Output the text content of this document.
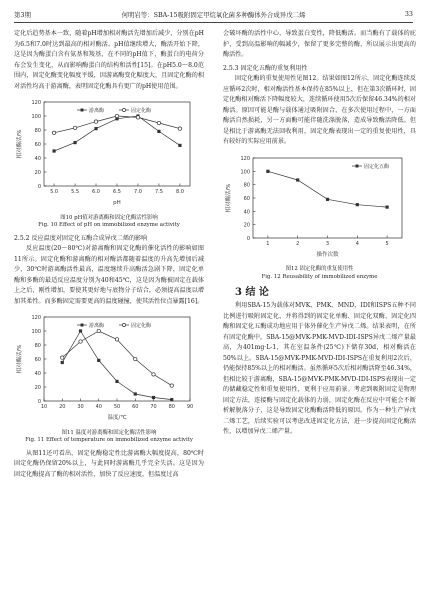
第3期	何明岩等：SBA-15吸附固定甲烷氧化菌多种酶体外合成异戊二烯	33

定化后趋势基本一致，随着pH增加相对酶活先增加后减少，分别在pH为6.5和7.0时达到最高的相对酶活。pH值继续增大，酶活开始下降，这是因为酶蛋白含有氨基和羧基，在不同的pH值下，酶蛋白的电荷分布会发生变化，从而影响酶蛋白的结构和活性[15]。在pH5.0～8.0范围内，固定化酶变化幅度平缓，因游离酶变化幅度大，且固定化酶的相对活性均高于游离酶，表明固定化酶具有更广的pH使用范围。

0
20
40
60
80
100
120
5.0	5.5	6.0	6.5	7.0	7.5	8.0
pH
相对酶活/%
游离酶	固定化酶
图10 pH值对游离酶和固定化酶活性影响
Fig. 10 Effect of pH on immobilized enzyme activity

2.5.2 反应温度对固定化五酶合成异戊二烯的影响

反应温度(20～80℃)对游离酶和固定化酶的催化活性的影响如图11所示。固定化酶和游离酶的相对酶活都随着温度的升高先增加后减少，30℃时游离酶活性最高，温度继续升高酶活急剧下降，固定化单酶和多酶的最适反应温度分别为40和45℃，这是因为酶被固定在载体上之后，刚性增加，要使其更好地与底物分子结合，必须提高温度以增加其柔性。而多酶固定需要更高的温度碰撞，使其活性位点暴露[16]。

0
20
40
60
80
100
120
10 20 30 40 50 60 70 80 90
温度/℃
相对酶活/%
游离酶	固定化酶
图11 温度对游离酶和固定化酶活性影响
Fig. 11 Effect of temperature on immobilized enzyme activity

从图11还可看出，固定化酶稳定性比游离酶大幅度提高，80℃时固定化酶仍保留20%以上，与此同时游离酶几乎完全失活。这是因为固定化酶提高了酶的相对活性，加快了反应速度，但温度过高

会破坏酶的活性中心，导致蛋白变性，降低酶活。而当酶有了载体的庇护，受到高温影响的幅减少，保留了更多完整的酶，所以展示出更高的酶活性。

2.5.3 固定化五酶的重复利用性

固定化酶的重复使用性见图12。结果如图12所示，固定化酶连续反应循环2次时，相对酶活性基本保持在85%以上，但在第3次循环时，固定化酶相对酶活下降幅度较大，连续循环使用5次后保留46.34%的相对酶活。原因可能是酶与载体通过吸附固合，在多次使用过程中，一方面酶活自然损耗，另一方面酶可能伴随洗涤脱落，造成导致酶活降低。但是相比于游离酶无法回收利用，固定化酶表现出一定的重复使用性，具有较好的实际应用前景。

0
20
40
60
80
100
120
1	2	3	4	5
操作次数
相对酶活/%
固定化五酶
图12 固定化酶的重复使用性
Fig. 12 Reusability of immobilized enzyme

3 结 论

利用SBA-15为载体对MVK、PMK、MND、IDI和ISPS五种不同比例进行吸附固定化，并将得到的固定化单酶、固定化双酶、固定化四酶和固定化五酶成功地应用于体外催化生产异戊二烯。结果表明，在所有固定化酶中，SBA-15@MVK-PMK-MVD-IDI-ISPS异戊二烯产量最高，为401mg·L-1，其在室温条件(25℃)下储存30d，相对酶活在50%以上。SBA-15@MVK-PMK-MVD-IDI-ISPS在重复利用2次后，仍能保持85%以上的相对酶活。虽然循环5次后相对酶活降至46.34%，但相比较于游离酶，SBA-15@MVK-PMK-MVD-IDI-ISPS表现出一定的储藏稳定性和重复使用性，更利于应用前景。考虑到吸附固定是物理固定方法，连接酶与固定化载体的力弱，固定化酶在反应中可能会不断析解脱落分子，这是导致固定化酶酶活降低的原因。作为一种生产异戊二烯工艺，后续实验可以考虑改进固定化方法，进一步提高固定化酶活性，以增加异戊二烯产量。
